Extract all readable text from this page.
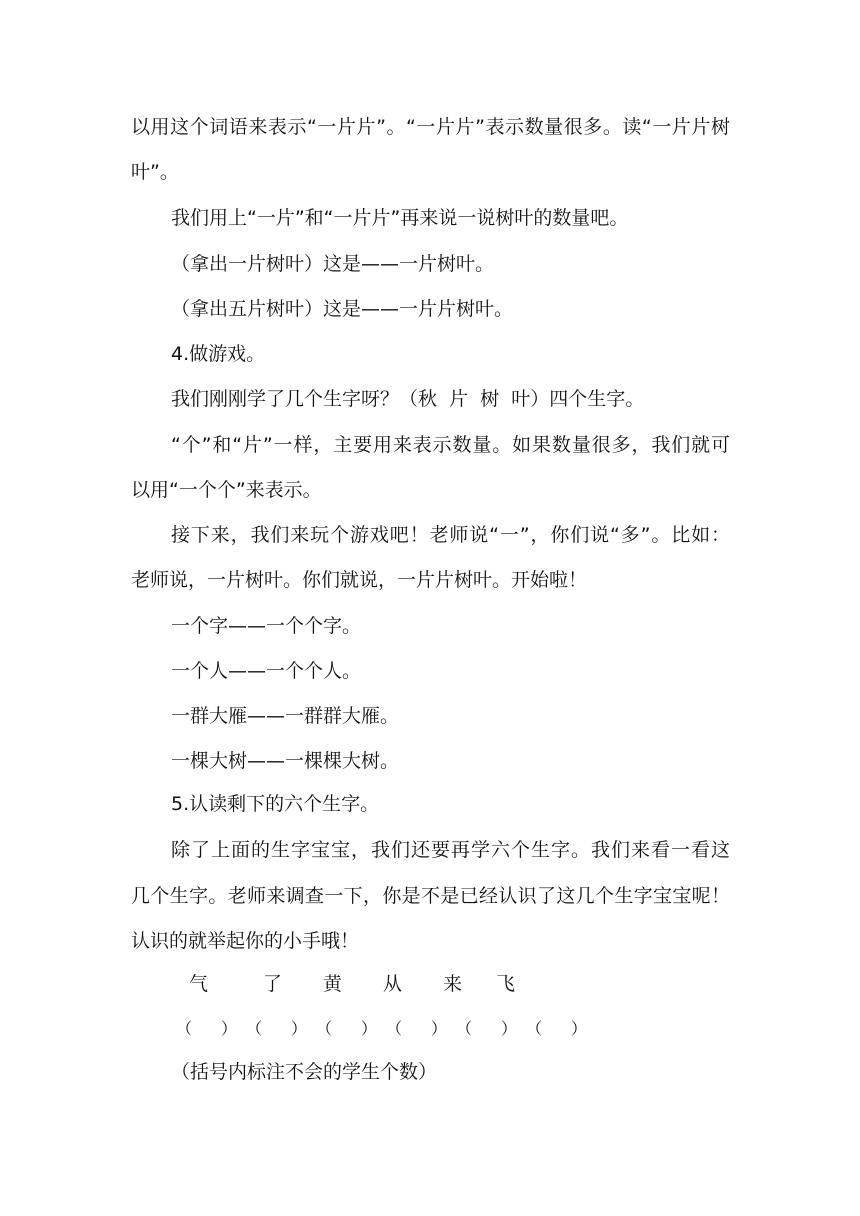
以用这个词语来表示“一片片”。“一片片”表示数量很多。读“一片片树
叶”。
我们用上“一片”和“一片片”再来说一说树叶的数量吧。
（拿出一片树叶）这是——一片树叶。
（拿出五片树叶）这是——一片片树叶。
4.做游戏。
我们刚刚学了几个生字呀？（秋  片  树  叶）四个生字。
“个”和“片”一样，主要用来表示数量。如果数量很多，我们就可
以用“一个个”来表示。
接下来，我们来玩个游戏吧！老师说“一”，你们说“多”。比如：
老师说，一片树叶。你们就说，一片片树叶。开始啦！
一个字——一个个字。
一个人——一个个人。
一群大雁——一群群大雁。
一棵大树——一棵棵大树。
5.认读剩下的六个生字。
除了上面的生字宝宝，我们还要再学六个生字。我们来看一看这
几个生字。老师来调查一下，你是不是已经认识了这几个生字宝宝呢！
认识的就举起你的小手哦！
气	了 黄 从 来 飞
（ ） （ ） （ ） （ ） （ ） （ ）
（括号内标注不会的学生个数）
